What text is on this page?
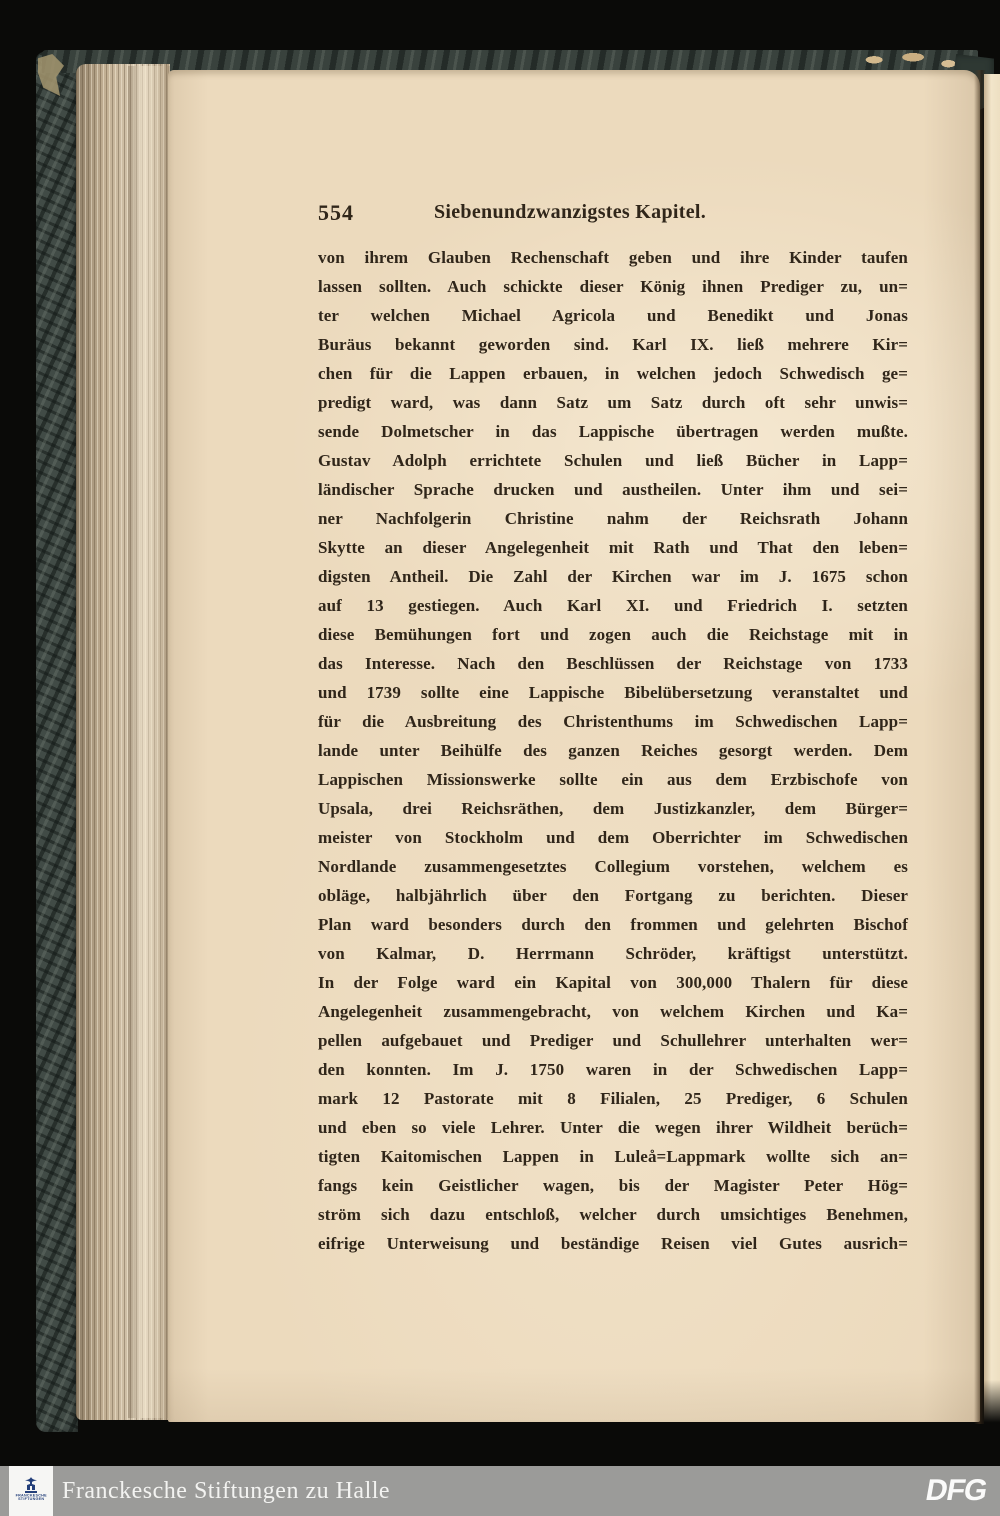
554	Siebenundzwanzigstes Kapitel.
von ihrem Glauben Rechenschaft geben und ihre Kinder taufen
lassen sollten. Auch schickte dieser König ihnen Prediger zu, un=
ter welchen Michael Agricola und Benedikt und Jonas
Buräus bekannt geworden sind. Karl IX. ließ mehrere Kir=
chen für die Lappen erbauen, in welchen jedoch Schwedisch ge=
predigt ward, was dann Satz um Satz durch oft sehr unwis=
sende Dolmetscher in das Lappische übertragen werden mußte.
Gustav Adolph errichtete Schulen und ließ Bücher in Lapp=
ländischer Sprache drucken und austheilen. Unter ihm und sei=
ner Nachfolgerin Christine nahm der Reichsrath Johann
Skytte an dieser Angelegenheit mit Rath und That den leben=
digsten Antheil. Die Zahl der Kirchen war im J. 1675 schon
auf 13 gestiegen. Auch Karl XI. und Friedrich I. setzten
diese Bemühungen fort und zogen auch die Reichstage mit in
das Interesse. Nach den Beschlüssen der Reichstage von 1733
und 1739 sollte eine Lappische Bibelübersetzung veranstaltet und
für die Ausbreitung des Christenthums im Schwedischen Lapp=
lande unter Beihülfe des ganzen Reiches gesorgt werden. Dem
Lappischen Missionswerke sollte ein aus dem Erzbischofe von
Upsala, drei Reichsräthen, dem Justizkanzler, dem Bürger=
meister von Stockholm und dem Oberrichter im Schwedischen
Nordlande zusammengesetztes Collegium vorstehen, welchem es
obläge, halbjährlich über den Fortgang zu berichten. Dieser
Plan ward besonders durch den frommen und gelehrten Bischof
von Kalmar, D. Herrmann Schröder, kräftigst unterstützt.
In der Folge ward ein Kapital von 300,000 Thalern für diese
Angelegenheit zusammengebracht, von welchem Kirchen und Ka=
pellen aufgebauet und Prediger und Schullehrer unterhalten wer=
den konnten. Im J. 1750 waren in der Schwedischen Lapp=
mark 12 Pastorate mit 8 Filialen, 25 Prediger, 6 Schulen
und eben so viele Lehrer. Unter die wegen ihrer Wildheit berüch=
tigten Kaitomischen Lappen in Luleå=Lappmark wollte sich an=
fangs kein Geistlicher wagen, bis der Magister Peter Hög=
ström sich dazu entschloß, welcher durch umsichtiges Benehmen,
eifrige Unterweisung und beständige Reisen viel Gutes ausrich=
FRANCKESCHE
STIFTUNGEN Franckesche Stiftungen zu Halle	DFG
